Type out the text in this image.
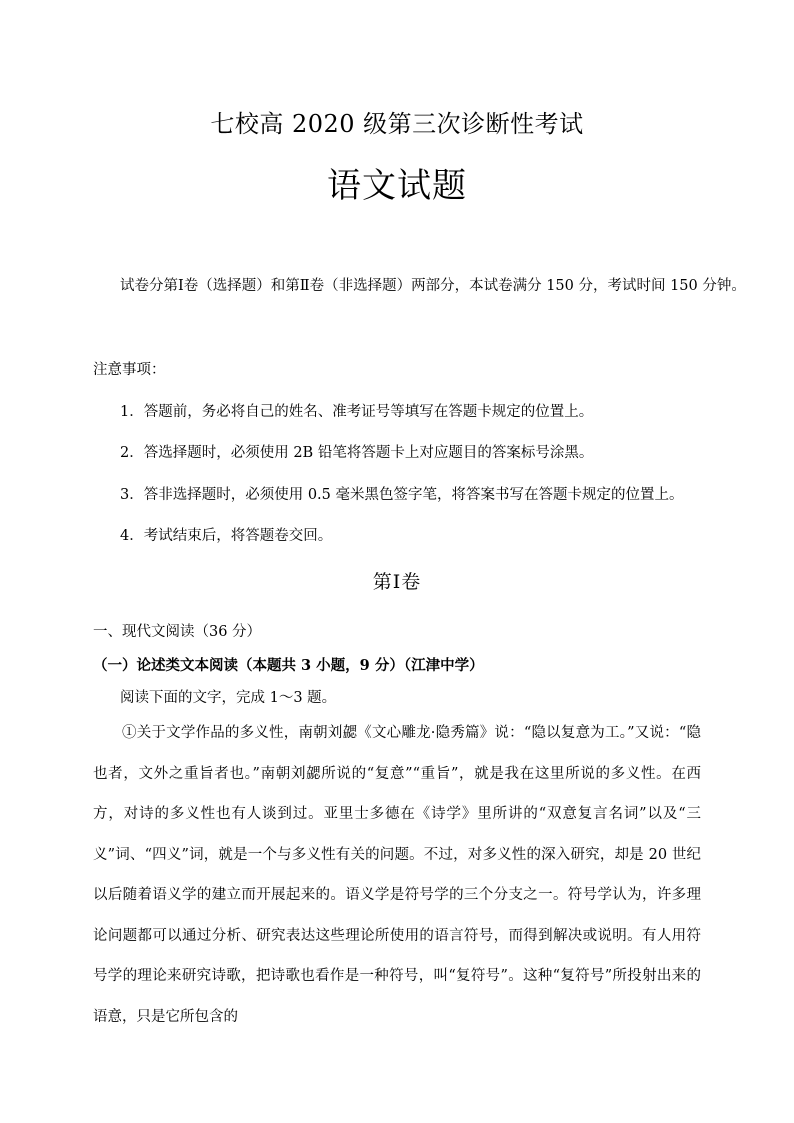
七校高 2020 级第三次诊断性考试
语文试题
试卷分第Ⅰ卷（选择题）和第Ⅱ卷（非选择题）两部分，本试卷满分 150 分，考试时间 150 分钟。
注意事项：
1．答题前，务必将自己的姓名、准考证号等填写在答题卡规定的位置上。
2．答选择题时，必须使用 2B 铅笔将答题卡上对应题目的答案标号涂黑。
3．答非选择题时，必须使用 0.5 毫米黑色签字笔，将答案书写在答题卡规定的位置上。
4．考试结束后，将答题卷交回。
第Ⅰ卷
一、现代文阅读（36 分）
（一）论述类文本阅读（本题共 3 小题，9 分）（江津中学）
阅读下面的文字，完成 1～3 题。

①关于文学作品的多义性，南朝刘勰《文心雕龙·隐秀篇》说：“隐以复意为工。”又说：“隐也者，文外之重旨者也。”南朝刘勰所说的“复意”“重旨”，就是我在这里所说的多义性。在西方，对诗的多义性也有人谈到过。亚里士多德在《诗学》里所讲的“双意复言名词”以及“三义”词、“四义”词，就是一个与多义性有关的问题。不过，对多义性的深入研究，却是 20 世纪以后随着语义学的建立而开展起来的。语义学是符号学的三个分支之一。符号学认为，许多理论问题都可以通过分析、研究表达这些理论所使用的语言符号，而得到解决或说明。有人用符号学的理论来研究诗歌，把诗歌也看作是一种符号，叫“复符号”。这种“复符号”所投射出来的语意，只是它所包含的
